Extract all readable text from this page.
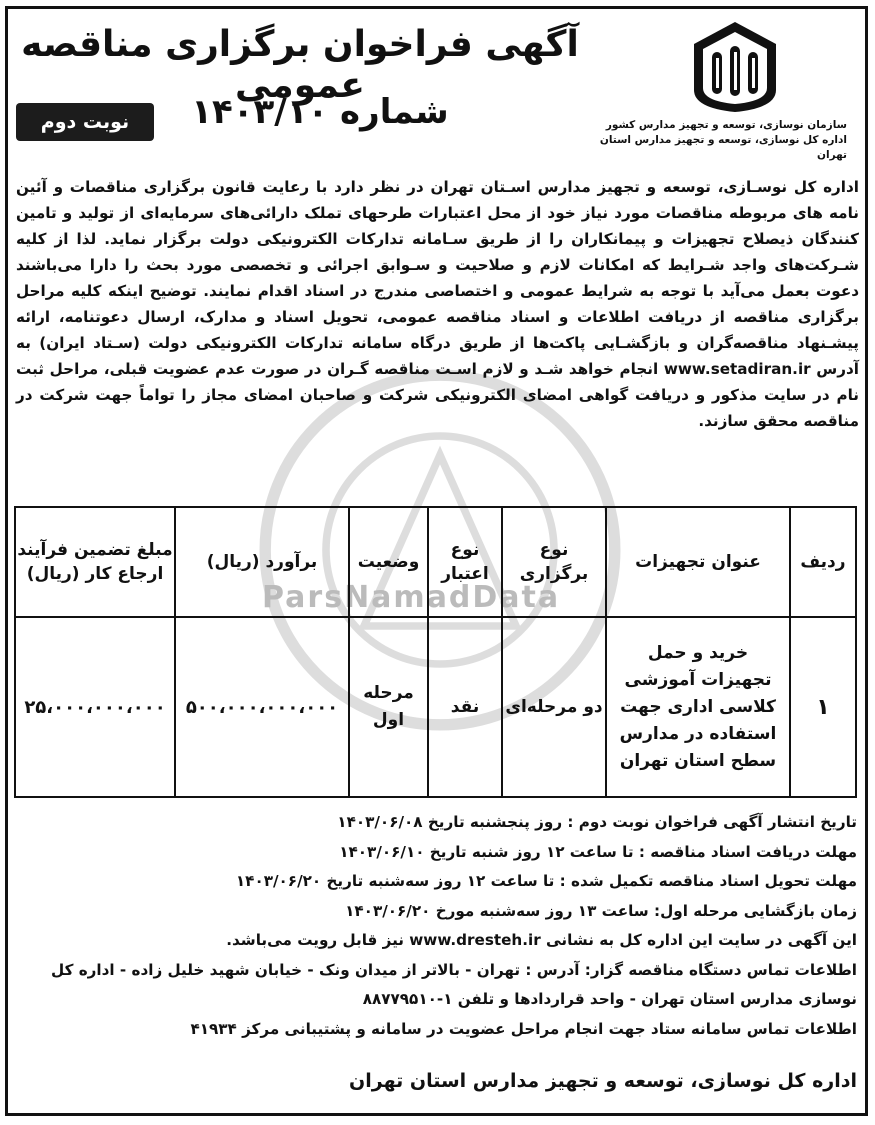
ParsNamadData
سازمان نوسازی، توسعه و تجهیز مدارس کشور
اداره کل نوسازی، توسعه و تجهیز مدارس استان تهران
آگهی فراخوان برگزاری مناقصه عمومی
شماره ۱۴۰۳/۱۰
نوبت دوم
اداره کل نوسـازی، توسعه و تجهیز مدارس اسـتان تهران در نظر دارد با رعایت قانون برگزاری مناقصات و آئین نامه های مربوطه مناقصات مورد نیاز خود از محل اعتبارات طرحهای تملک دارائی‌های سرمایه‌ای از تولید و تامین کنندگان ذیصلاح تجهیزات و پیمانکاران را از طریق سـامانه تدارکات الکترونیکی دولت برگزار نماید. لذا از کلیه شـرکت‌های واجد شـرایط که امکانات لازم و صلاحیت و سـوابق اجرائی و تخصصی مورد بحث را دارا می‌باشند دعوت بعمل می‌آید با توجه به شرایط عمومی و اختصاصی مندرج در اسناد اقدام نمایند. توضیح اینکه کلیه مراحل برگزاری مناقصه از دریافت اطلاعات و اسناد مناقصه عمومی، تحویل اسناد و مدارک، ارسال دعوتنامه، ارائه پیشـنهاد مناقصه‌گران و بازگشـایی پاکت‌ها از طریق درگاه سامانه تدارکات الکترونیکی دولت (سـتاد ایران) به آدرس www.setadiran.ir انجام خواهد شـد و لازم اسـت مناقصه گـران در صورت عدم عضویت قبلی، مراحل ثبت نام در سایت مذکور و دریافت گواهی امضای الکترونیکی شرکت و صاحبان امضای مجاز را تواماً جهت شرکت در مناقصه محقق سازند.
ردیف	عنوان تجهیزات	نوع برگزاری	نوع اعتبار	وضعیت	برآورد (ریال)	مبلغ تضمین فرآیند ارجاع کار (ریال)
۱	خرید و حمل تجهیزات آموزشی کلاسی اداری جهت استفاده در مدارس سطح استان تهران	دو مرحله‌ای	نقد	مرحله اول	۵۰۰،۰۰۰،۰۰۰،۰۰۰	۲۵،۰۰۰،۰۰۰،۰۰۰

تاریخ انتشار آگهی فراخوان نوبت دوم : روز پنجشنبه تاریخ ۱۴۰۳/۰۶/۰۸

مهلت دریافت اسناد مناقصه : تا ساعت ۱۲ روز شنبه تاریخ ۱۴۰۳/۰۶/۱۰

مهلت تحویل اسناد مناقصه تکمیل شده : تا ساعت ۱۲ روز سه‌شنبه تاریخ ۱۴۰۳/۰۶/۲۰

زمان بازگشایی مرحله اول: ساعت ۱۳ روز سه‌شنبه مورخ ۱۴۰۳/۰۶/۲۰

این آگهی در سایت این اداره کل به نشانی www.dresteh.ir نیز قابل رویت می‌باشد.

اطلاعات تماس دستگاه مناقصه گزار: آدرس : تهران - بالاتر از میدان ونک - خیابان شهید خلیل زاده - اداره کل نوسازی مدارس استان تهران - واحد قراردادها و تلفن ۱-۸۸۷۷۹۵۱۰

اطلاعات تماس سامانه ستاد جهت انجام مراحل عضویت در سامانه و پشتیبانی مرکز ۴۱۹۳۴

اداره کل نوسازی، توسعه و تجهیز مدارس استان تهران
